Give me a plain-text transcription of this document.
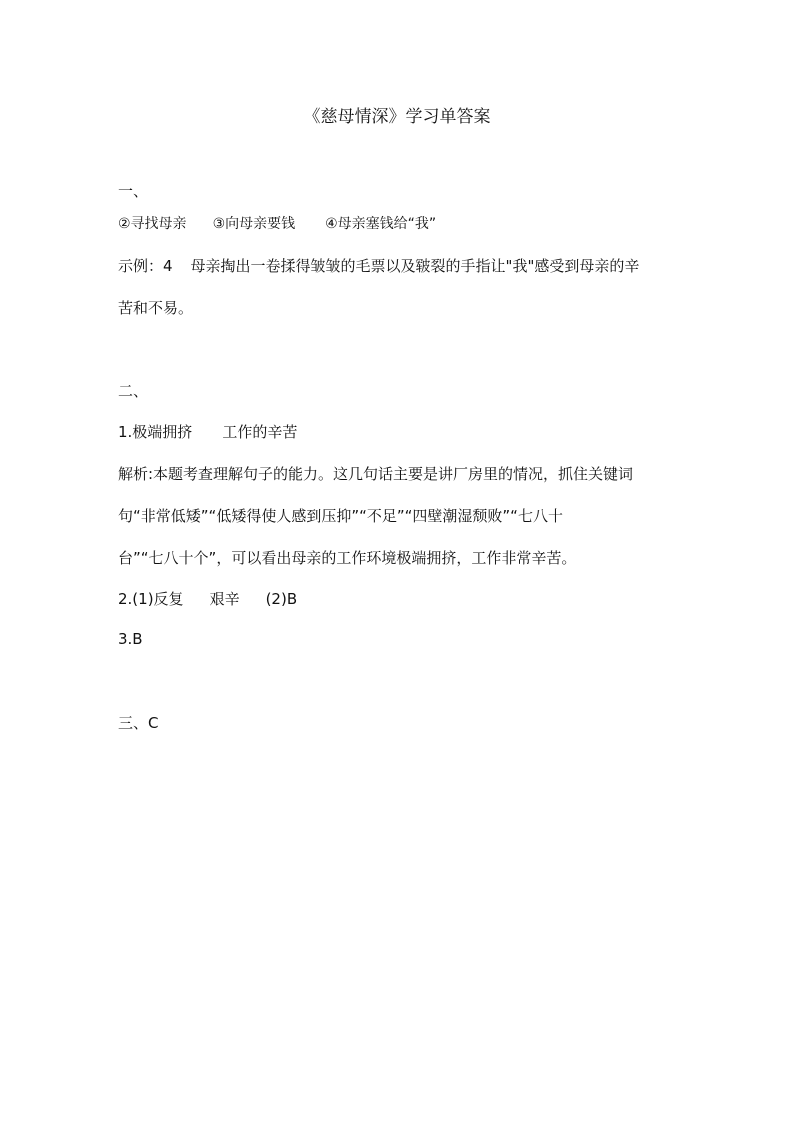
《慈母情深》学习单答案
一、
②寻找母亲 ③向母亲要钱 ④母亲塞钱给“我”
示例：4 母亲掏出一卷揉得皱皱的毛票以及皲裂的手指让"我"感受到母亲的辛
苦和不易。
二、
1.极端拥挤 工作的辛苦
解析:本题考查理解句子的能力。这几句话主要是讲厂房里的情况，抓住关键词
句“非常低矮”“低矮得使人感到压抑”“不足”“四壁潮湿颓败”“七八十
台”“七八十个”，可以看出母亲的工作环境极端拥挤，工作非常辛苦。
2.(1)反复 艰辛 (2)B
3.B
三、C
